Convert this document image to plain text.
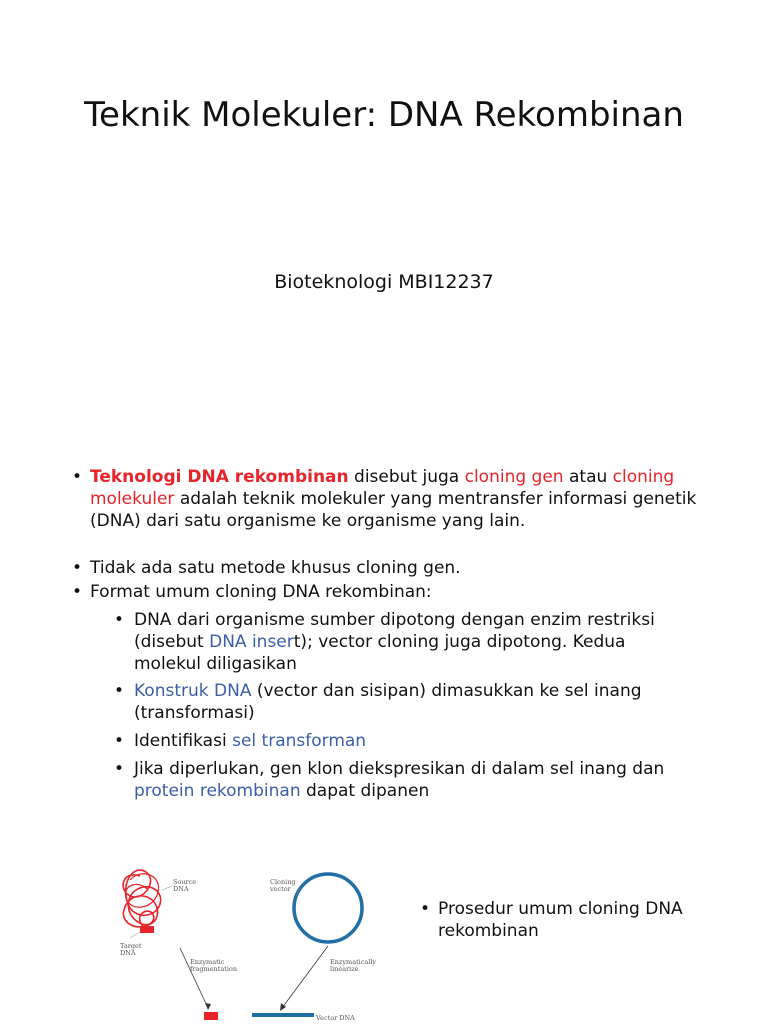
Teknik Molekuler: DNA Rekombinan
Bioteknologi MBI12237
• Teknologi DNA rekombinan disebut juga cloning gen atau cloning molekuler adalah teknik molekuler yang mentransfer informasi genetik (DNA) dari satu organisme ke organisme yang lain.
• Tidak ada satu metode khusus cloning gen.
• Format umum cloning DNA rekombinan:
• DNA dari organisme sumber dipotong dengan enzim restriksi (disebut DNA insert); vector cloning juga dipotong. Kedua molekul diligasikan
• Konstruk DNA (vector dan sisipan) dimasukkan ke sel inang (transformasi)
• Identifikasi sel transforman
• Jika diperlukan, gen klon diekspresikan di dalam sel inang dan protein rekombinan dapat dipanen
Source
DNA
Target
DNA
Enzymatic
fragmentation
Cloning
vector
Enzymatically
linearize
Vector DNA
• Prosedur umum cloning DNA rekombinan
